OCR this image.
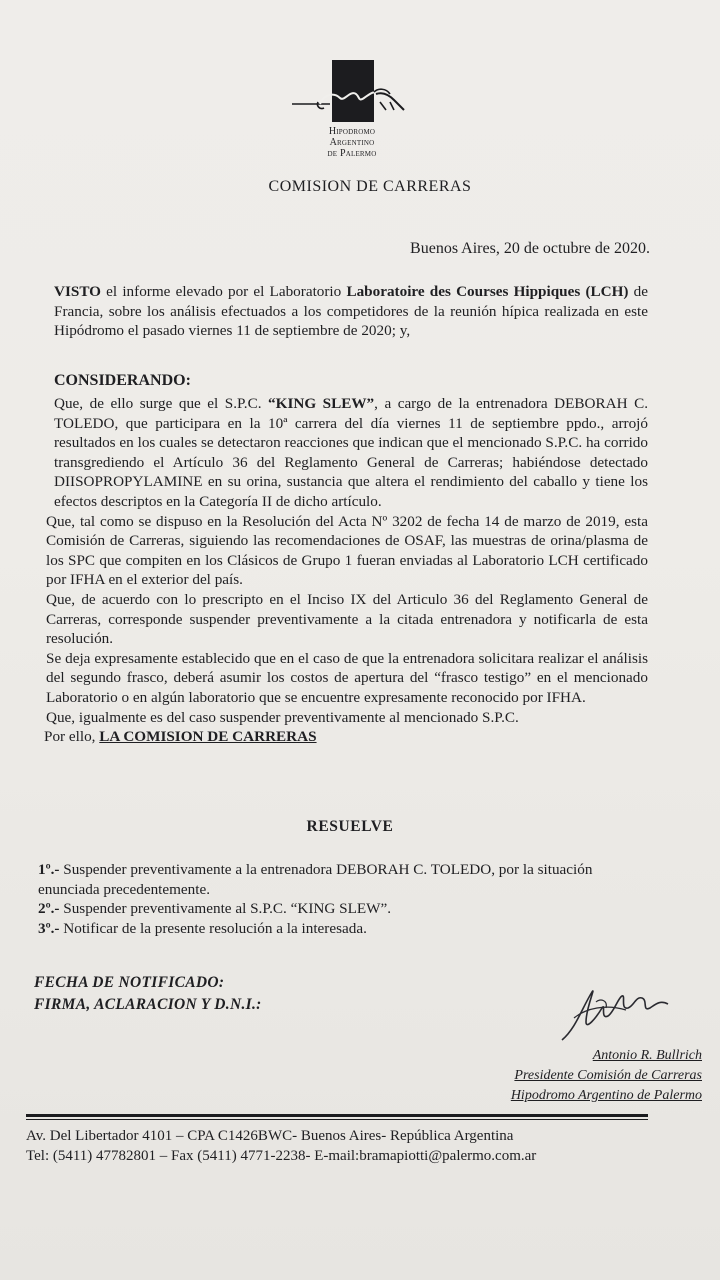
Hipodromo
Argentino
de Palermo
COMISION DE CARRERAS
Buenos Aires, 20 de octubre de 2020.

VISTO el informe elevado por el Laboratorio Laboratoire des Courses Hippiques (LCH) de Francia, sobre los análisis efectuados a los competidores de la reunión hípica realizada en este Hipódromo el pasado viernes 11 de septiembre de 2020; y,

CONSIDERANDO:

Que, de ello surge que el S.P.C. “KING SLEW”, a cargo de la entrenadora DEBORAH C. TOLEDO, que participara en la 10ª carrera del día viernes 11 de septiembre ppdo., arrojó resultados en los cuales se detectaron reacciones que indican que el mencionado S.P.C. ha corrido transgrediendo el Artículo 36 del Reglamento General de Carreras; habiéndose detectado DIISOPROPYLAMINE en su orina, sustancia que altera el rendimiento del caballo y tiene los efectos descriptos en la Categoría II de dicho artículo.

Que, tal como se dispuso en la Resolución del Acta Nº 3202 de fecha 14 de marzo de 2019, esta Comisión de Carreras, siguiendo las recomendaciones de OSAF, las muestras de orina/plasma de los SPC que compiten en los Clásicos de Grupo 1 fueran enviadas al Laboratorio LCH certificado por IFHA en el exterior del país.

Que, de acuerdo con lo prescripto en el Inciso IX del Articulo 36 del Reglamento General de Carreras, corresponde suspender preventivamente a la citada entrenadora y notificarla de esta resolución.

Se deja expresamente establecido que en el caso de que la entrenadora solicitara realizar el análisis del segundo frasco, deberá asumir los costos de apertura del “frasco testigo” en el mencionado Laboratorio o en algún laboratorio que se encuentre expresamente reconocido por IFHA.

Que, igualmente es del caso suspender preventivamente al mencionado S.P.C.

Por ello, LA COMISION DE CARRERAS

RESUELVE

1º.- Suspender preventivamente a la entrenadora DEBORAH C. TOLEDO, por la situación enunciada precedentemente.

2º.- Suspender preventivamente al S.P.C. “KING SLEW”.

3º.- Notificar de la presente resolución a la interesada.

FECHA DE NOTIFICADO:
FIRMA, ACLARACION Y D.N.I.:
Antonio R. Bullrich
Presidente Comisión de Carreras
Hipodromo Argentino de Palermo
Av. Del Libertador 4101 – CPA C1426BWC- Buenos Aires- República Argentina
Tel: (5411) 47782801 – Fax (5411) 4771-2238- E-mail:bramapiotti@palermo.com.ar
